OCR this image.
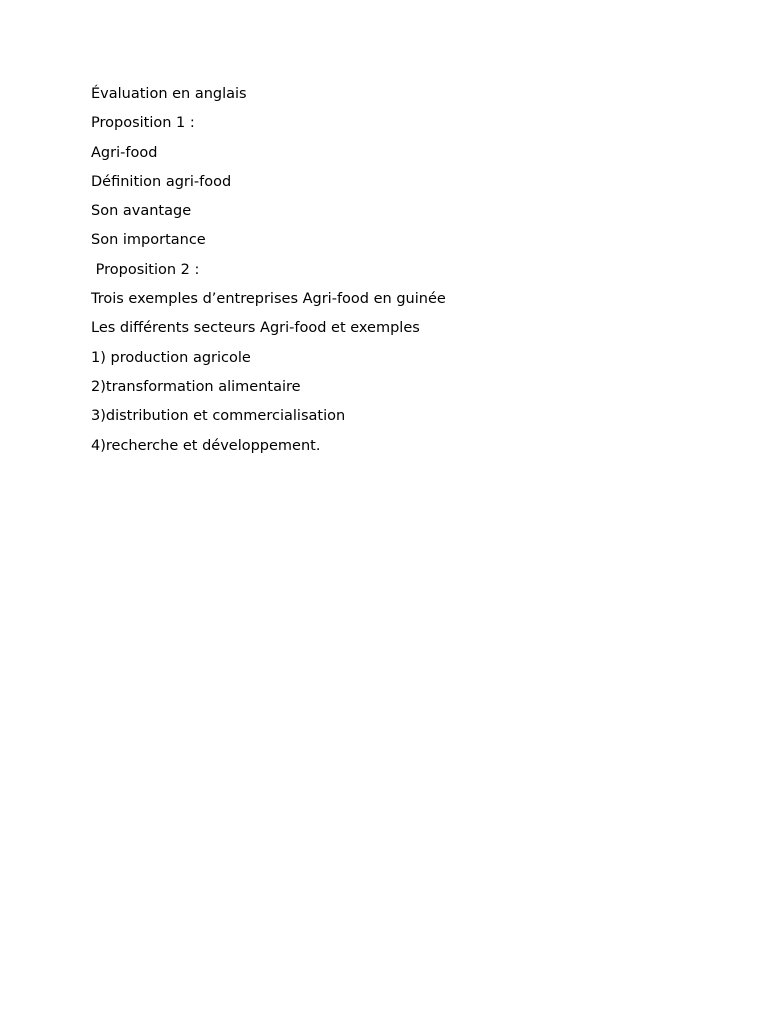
Évaluation en anglais

Proposition 1 :

Agri-food

Définition agri-food

Son avantage

Son importance

Proposition 2 :

Trois exemples d’entreprises Agri-food en guinée

Les différents secteurs Agri-food et exemples

1) production agricole

2)transformation alimentaire

3)distribution et commercialisation

4)recherche et développement.
